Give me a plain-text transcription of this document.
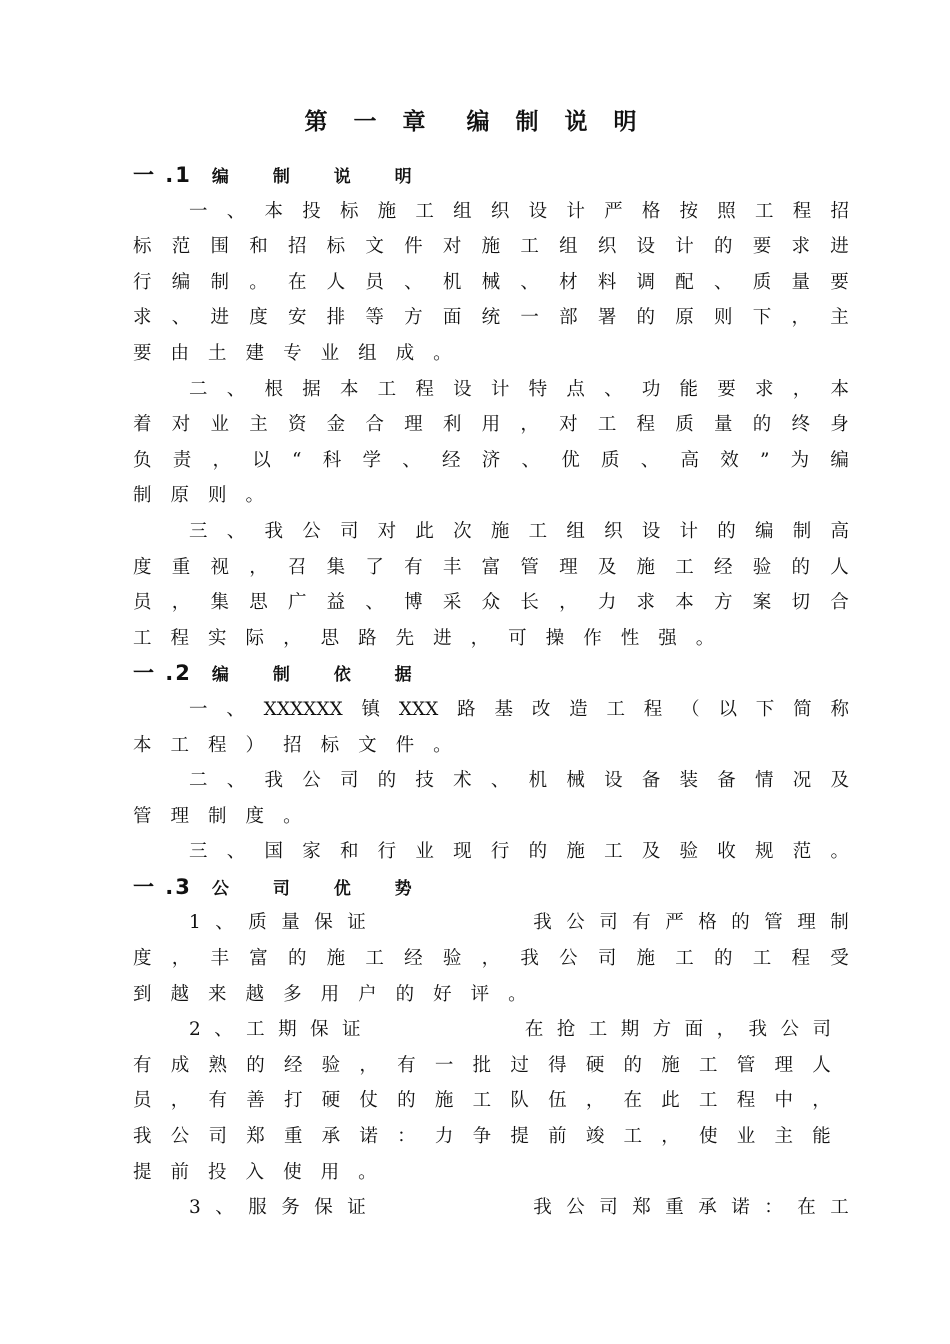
第 一 章　编 制 说 明
一 .1 编 制 说 明
一 、 本 投 标 施 工 组 织 设 计 严 格 按 照 工 程 招
标 范 围 和 招 标 文 件 对 施 工 组 织 设 计 的 要 求 进
行 编 制 。 在 人 员 、 机 械 、 材 料 调 配 、 质 量 要
求 、 进 度 安 排 等 方 面 统 一 部 署 的 原 则 下 ， 主
要 由 土 建 专 业 组 成 。
二 、 根 据 本 工 程 设 计 特 点 、 功 能 要 求 ， 本
着 对 业 主 资 金 合 理 利 用 ， 对 工 程 质 量 的 终 身
负 责 ， 以 “ 科 学 、 经 济 、 优 质 、 高 效 ” 为 编
制 原 则 。
三 、 我 公 司 对 此 次 施 工 组 织 设 计 的 编 制 高
度 重 视 ， 召 集 了 有 丰 富 管 理 及 施 工 经 验 的 人
员 ， 集 思 广 益 、 博 采 众 长 ， 力 求 本 方 案 切 合
工 程 实 际 ， 思 路 先 进 ， 可 操 作 性 强 。
一 .2 编 制 依 据
一 、 XXXXXX 镇 XXX 路 基 改 造 工 程 （ 以 下 简 称
本 工 程 ） 招 标 文 件 。
二 、 我 公 司 的 技 术 、 机 械 设 备 装 备 情 况 及
管 理 制 度 。
三 、 国 家 和 行 业 现 行 的 施 工 及 验 收 规 范 。
一 .3 公 司 优 势
1 、 质 量 保 证	我 公 司 有 严 格 的 管 理 制
度 ， 丰 富 的 施 工 经 验 ， 我 公 司 施 工 的 工 程 受
到 越 来 越 多 用 户 的 好 评 。
2 、 工 期 保 证	在 抢 工 期 方 面 ， 我 公 司
有 成 熟 的 经 验 ， 有 一 批 过 得 硬 的 施 工 管 理 人
员 ， 有 善 打 硬 仗 的 施 工 队 伍 ， 在 此 工 程 中 ，
我 公 司 郑 重 承 诺 ： 力 争 提 前 竣 工 ， 使 业 主 能
提 前 投 入 使 用 。
3 、 服 务 保 证	我 公 司 郑 重 承 诺 ： 在 工
